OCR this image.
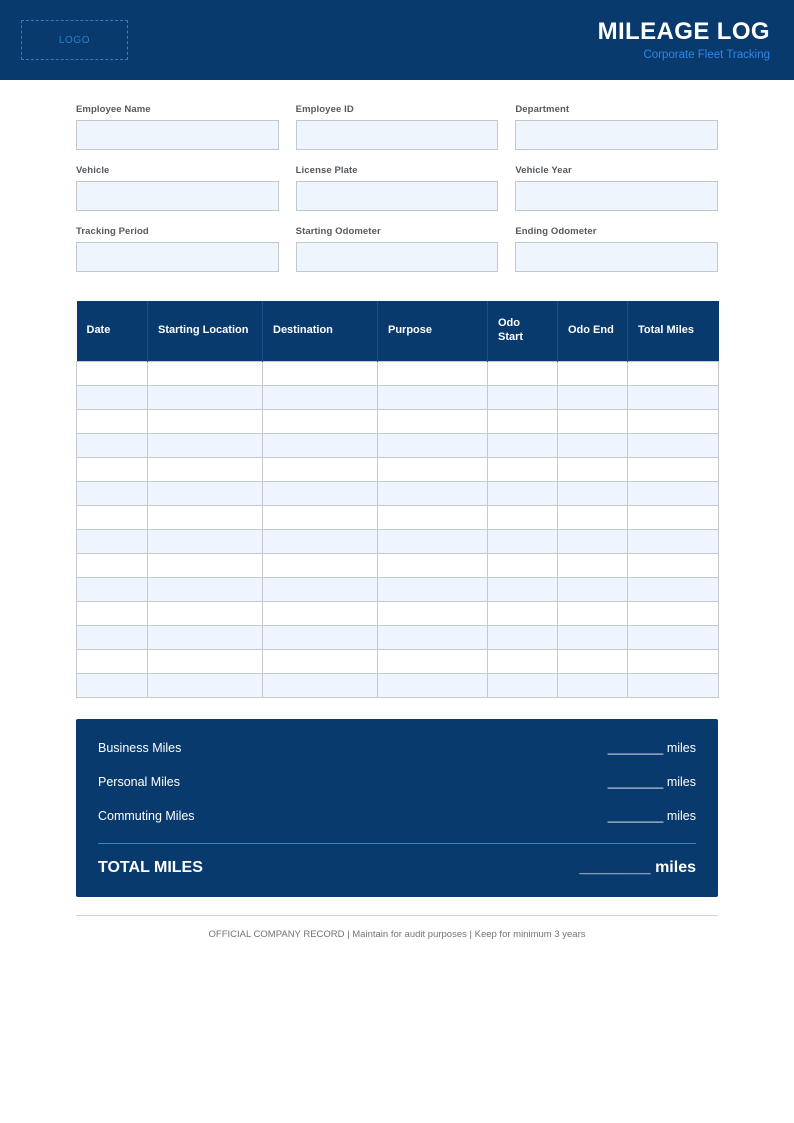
LOGO	MILEAGE LOG
Corporate Fleet Tracking
Employee Name	Employee ID	Department
Vehicle	License Plate	Vehicle Year
Tracking Period	Starting Odometer	Ending Odometer
Date	Starting Location	Destination	Purpose	Odo Start	Odo End	Total Miles

Business Miles	________ miles
Personal Miles	________ miles
Commuting Miles	________ miles
TOTAL MILES	________ miles
OFFICIAL COMPANY RECORD | Maintain for audit purposes | Keep for minimum 3 years
